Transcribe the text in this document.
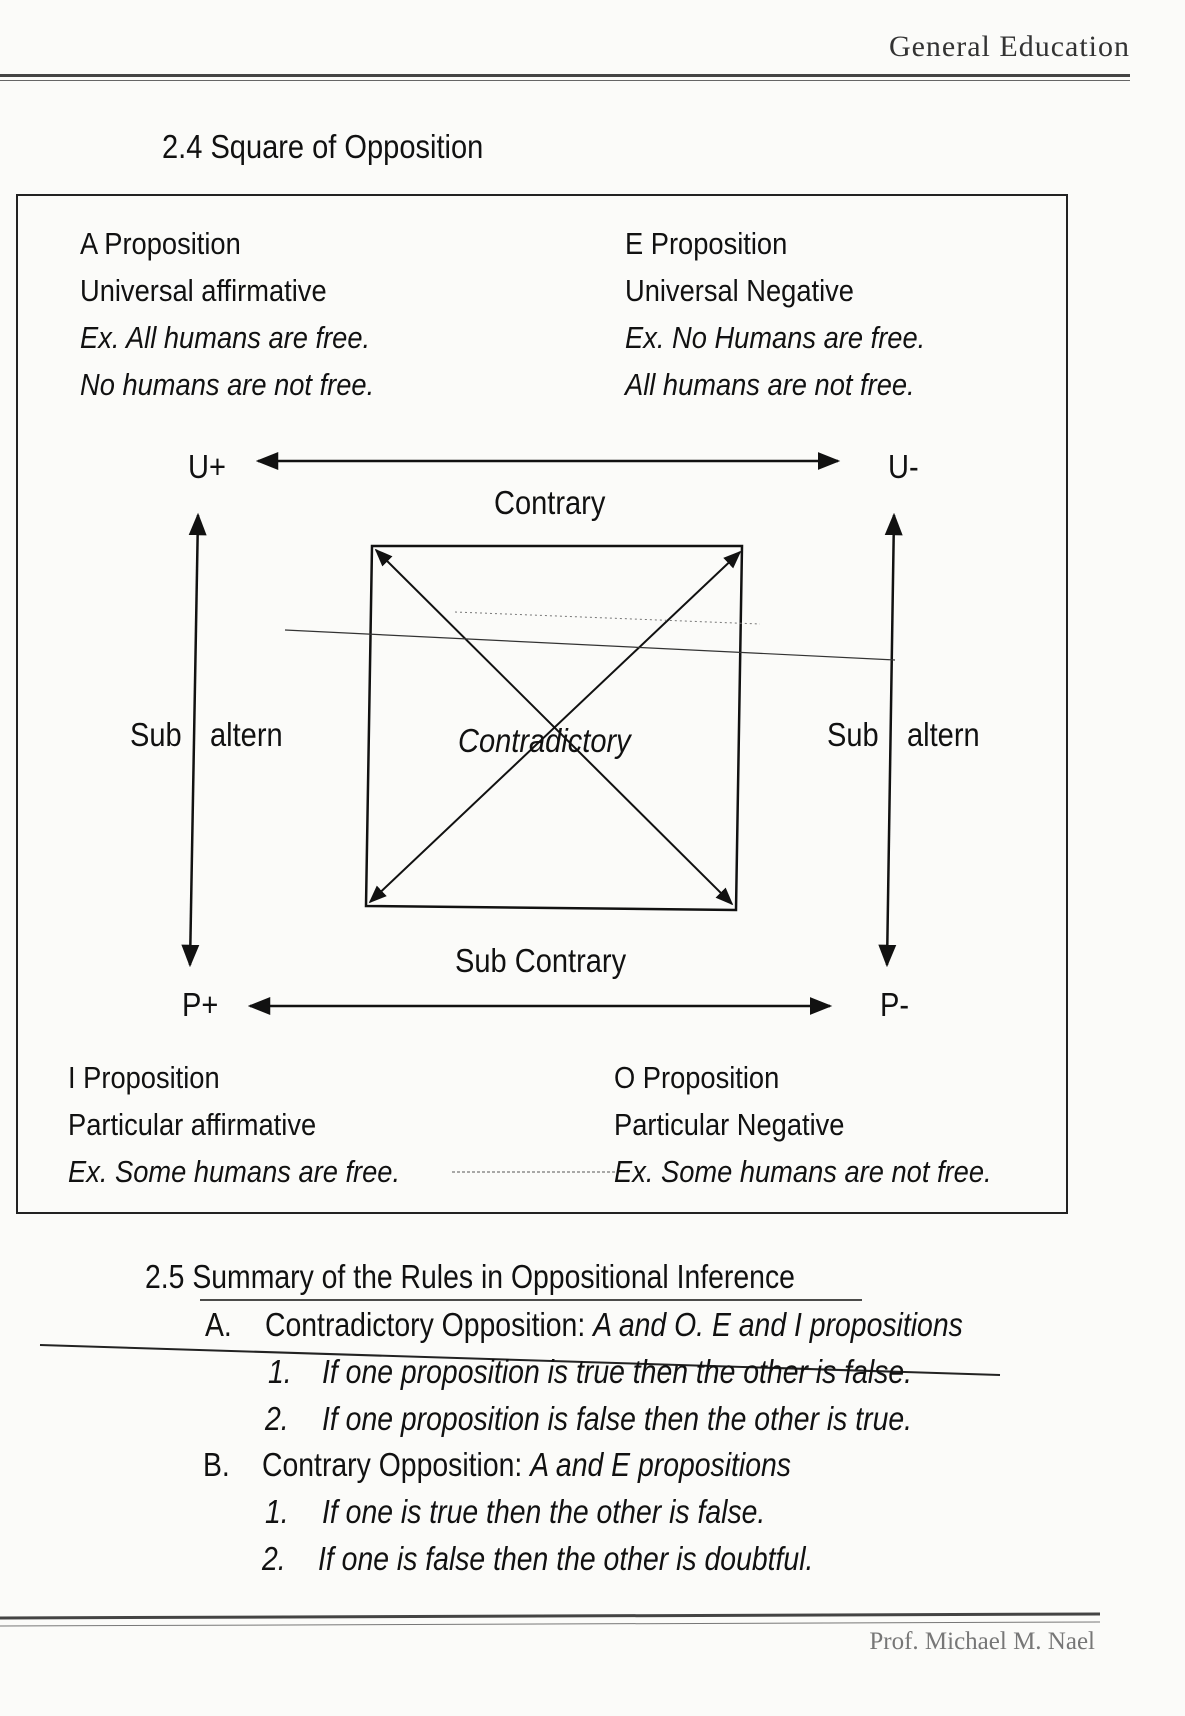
General Education
2.4 Square of Opposition
A Proposition
Universal affirmative
Ex. All humans are free.
No humans are not free.
E Proposition
Universal Negative
Ex. No Humans are free.
All humans are not free.
U+	U-
P+	P-
Contrary
Sub Contrary
Contradictory
Sub altern	Sub altern
I Proposition
Particular affirmative
Ex. Some humans are free.
O Proposition
Particular Negative
Ex. Some humans are not free.
2.5 Summary of the Rules in Oppositional Inference
A. Contradictory Opposition: A and O. E and I propositions
1. If one proposition is true then the other is false.
2. If one proposition is false then the other is true.
B. Contrary Opposition: A and E propositions
1. If one is true then the other is false.
2. If one is false then the other is doubtful.
Prof. Michael M. Nael
